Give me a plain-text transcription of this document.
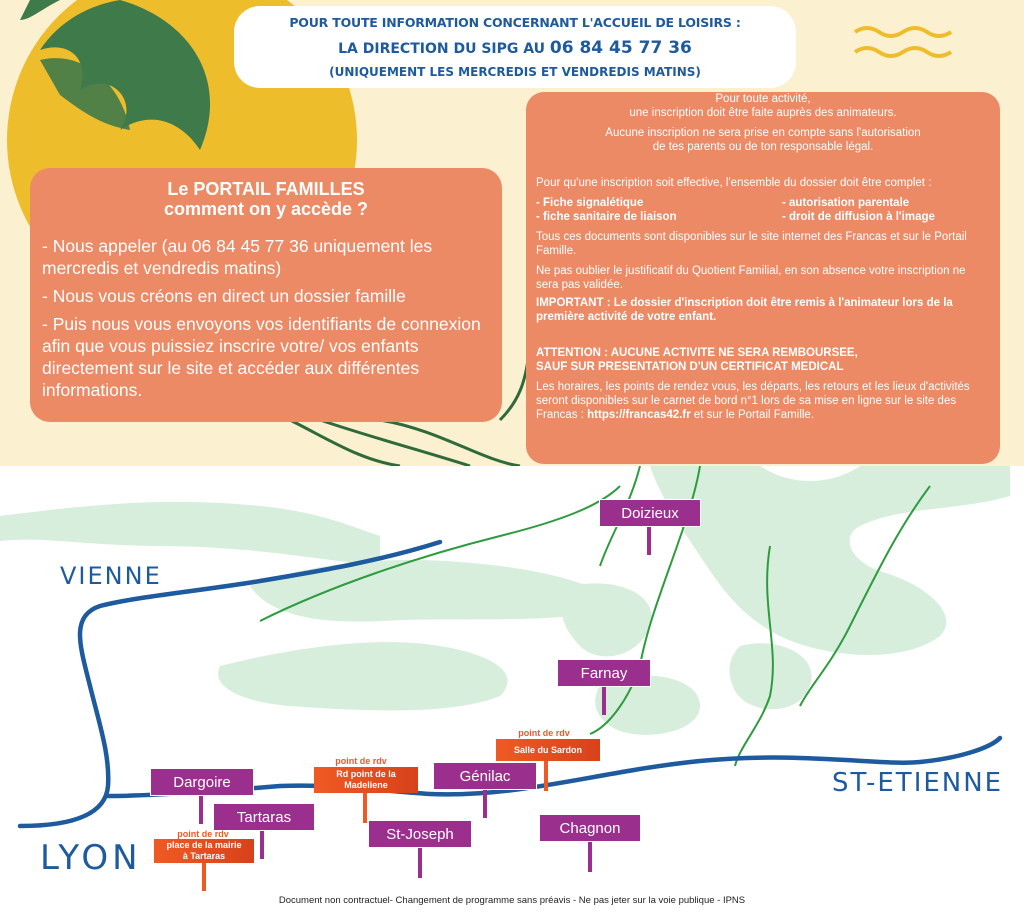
POUR TOUTE INFORMATION CONCERNANT L'ACCUEIL DE LOISIRS :
LA DIRECTION DU SIPG AU 06 84 45 77 36
(UNIQUEMENT LES MERCREDIS ET VENDREDIS MATINS)
Le PORTAIL FAMILLES
comment on y accède ?
- Nous appeler (au 06 84 45 77 36 uniquement les mercredis et vendredis matins)
- Nous vous créons en direct un dossier famille
- Puis nous vous envoyons vos identifiants de connexion afin que vous puissiez inscrire votre/ vos enfants directement sur le site et accéder aux différentes informations.
Pour toute activité,
une inscription doit être faite auprès des animateurs.
Aucune inscription ne sera prise en compte sans l'autorisation
de tes parents ou de ton responsable légal.

Pour qu'une inscription soit effective, l'ensemble du dossier doit être complet :

- Fiche signalétique	- autorisation parentale
- fiche sanitaire de liaison	- droit de diffusion à l'image

Tous ces documents sont disponibles sur le site internet des Francas et sur le Portail Famille.

Ne pas oublier le justificatif du Quotient Familial, en son absence votre inscription ne sera pas validée.

IMPORTANT : Le dossier d'inscription doit être remis à l'animateur lors de la première activité de votre enfant.

ATTENTION : AUCUNE ACTIVITE NE SERA REMBOURSEE,
SAUF SUR PRESENTATION D'UN CERTIFICAT MEDICAL

Les horaires, les points de rendez vous, les départs, les retours et les lieux d'activités seront disponibles sur le carnet de bord n°1 lors de sa mise en ligne sur le site des Francas : https://francas42.fr et sur le Portail Famille.

VIENNE
LYON
ST-ETIENNE
Doizieux
Farnay
point de rdv
Salle du Sardon
point de rdv
Rd point de la
Madeliene	Génilac
Dargoire
Tartaras
St-Joseph	Chagnon
point de rdv
place de la mairie
à Tartaras
Document non contractuel- Changement de programme sans préavis - Ne pas jeter sur la voie publique - IPNS
